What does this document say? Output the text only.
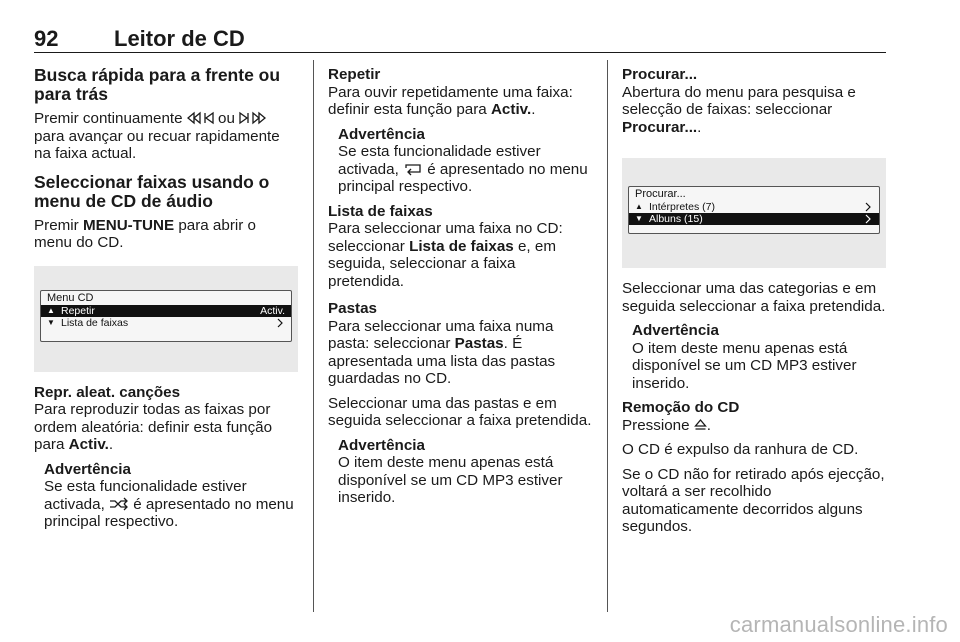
92	Leitor de CD
Busca rápida para a frente ou para trás

Premir continuamente ou  para avançar ou recuar rapidamente na faixa actual.

Seleccionar faixas usando o menu de CD de áudio

Premir MENU-TUNE para abrir o menu do CD.

Menu CD
▲ Repetir	Activ.
▼ Lista de faixas
Repr. aleat. canções

Para reproduzir todas as faixas por ordem aleatória: definir esta função para Activ..

Advertência
Se esta funcionalidade estiver activada, é apresentado no menu principal respectivo.
Repetir

Para ouvir repetidamente uma faixa: definir esta função para Activ..

Advertência
Se esta funcionalidade estiver activada, é apresentado no menu principal respectivo.
Lista de faixas

Para seleccionar uma faixa no CD: seleccionar Lista de faixas e, em seguida, seleccionar a faixa pretendida.

Pastas

Para seleccionar uma faixa numa pasta: seleccionar Pastas. É apresentada uma lista das pastas guardadas no CD.

Seleccionar uma das pastas e em seguida seleccionar a faixa pretendida.

Advertência
O item deste menu apenas está disponível se um CD MP3 estiver inserido.
Procurar...

Abertura do menu para pesquisa e selecção de faixas: seleccionar Procurar....

Procurar...
▲ Intérpretes (7)
▼ Albuns (15)

Seleccionar uma das categorias e em seguida seleccionar a faixa pretendida.

Advertência
O item deste menu apenas está disponível se um CD MP3 estiver inserido.
Remoção do CD

Pressione .

O CD é expulso da ranhura de CD.

Se o CD não for retirado após ejecção, voltará a ser recolhido automaticamente decorridos alguns segundos.

carmanualsonline.info
